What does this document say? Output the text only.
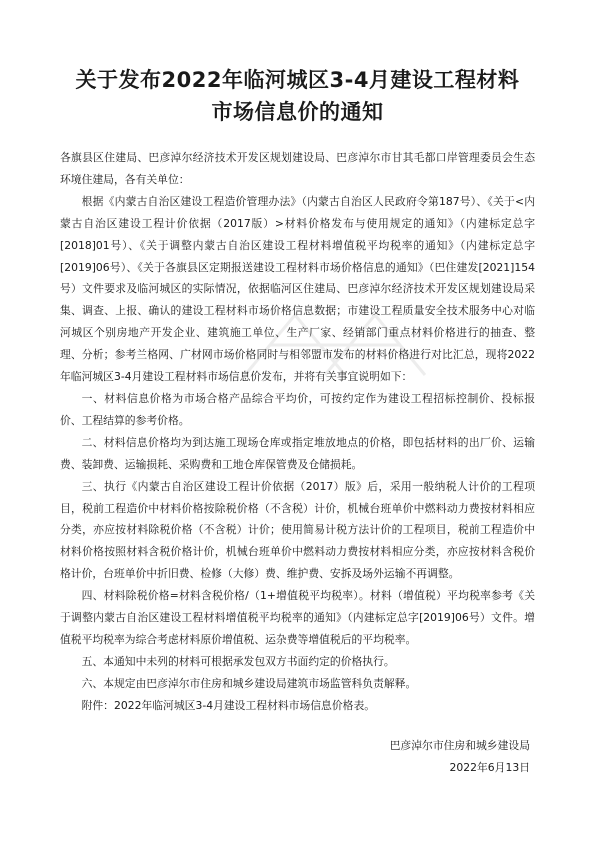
关于发布2022年临河城区3-4月建设工程材料
市场信息价的通知

各旗县区住建局、巴彦淖尔经济技术开发区规划建设局、巴彦淖尔市甘其毛都口岸管理委员会生态环境住建局，各有关单位：

根据《内蒙古自治区建设工程造价管理办法》（内蒙古自治区人民政府令第187号）、《关于<内蒙古自治区建设工程计价依据（2017版）>材料价格发布与使用规定的通知》（内建标定总字[2018]01号）、《关于调整内蒙古自治区建设工程材料增值税平均税率的通知》（内建标定总字[2019]06号）、《关于各旗县区定期报送建设工程材料市场价格信息的通知》（巴住建发[2021]154号）文件要求及临河城区的实际情况，依据临河区住建局、巴彦淖尔经济技术开发区规划建设局采集、调查、上报、确认的建设工程材料市场价格信息数据；市建设工程质量安全技术服务中心对临河城区个别房地产开发企业、建筑施工单位、生产厂家、经销部门重点材料价格进行的抽查、整理、分析；参考兰格网、广材网市场价格同时与相邻盟市发布的材料价格进行对比汇总，现将2022年临河城区3-4月建设工程材料市场信息价发布，并将有关事宜说明如下：

一、材料信息价格为市场合格产品综合平均价，可按约定作为建设工程招标控制价、投标报价、工程结算的参考价格。

二、材料信息价格均为到达施工现场仓库或指定堆放地点的价格，即包括材料的出厂价、运输费、装卸费、运输损耗、采购费和工地仓库保管费及仓储损耗。

三、执行《内蒙古自治区建设工程计价依据（2017）版》后，采用一般纳税人计价的工程项目，税前工程造价中材料价格按除税价格（不含税）计价，机械台班单价中燃料动力费按材料相应分类，亦应按材料除税价格（不含税）计价；使用简易计税方法计价的工程项目，税前工程造价中材料价格按照材料含税价格计价，机械台班单价中燃料动力费按材料相应分类，亦应按材料含税价格计价，台班单价中折旧费、检修（大修）费、维护费、安拆及场外运输不再调整。

四、材料除税价格=材料含税价格/（1+增值税平均税率）。材料（增值税）平均税率参考《关于调整内蒙古自治区建设工程材料增值税平均税率的通知》（内建标定总字[2019]06号）文件。增值税平均税率为综合考虑材料原价增值税、运杂费等增值税后的平均税率。

五、本通知中未列的材料可根据承发包双方书面约定的价格执行。

六、本规定由巴彦淖尔市住房和城乡建设局建筑市场监管科负责解释。

附件：2022年临河城区3-4月建设工程材料市场信息价格表。

巴彦淖尔市住房和城乡建设局
2022年6月13日
